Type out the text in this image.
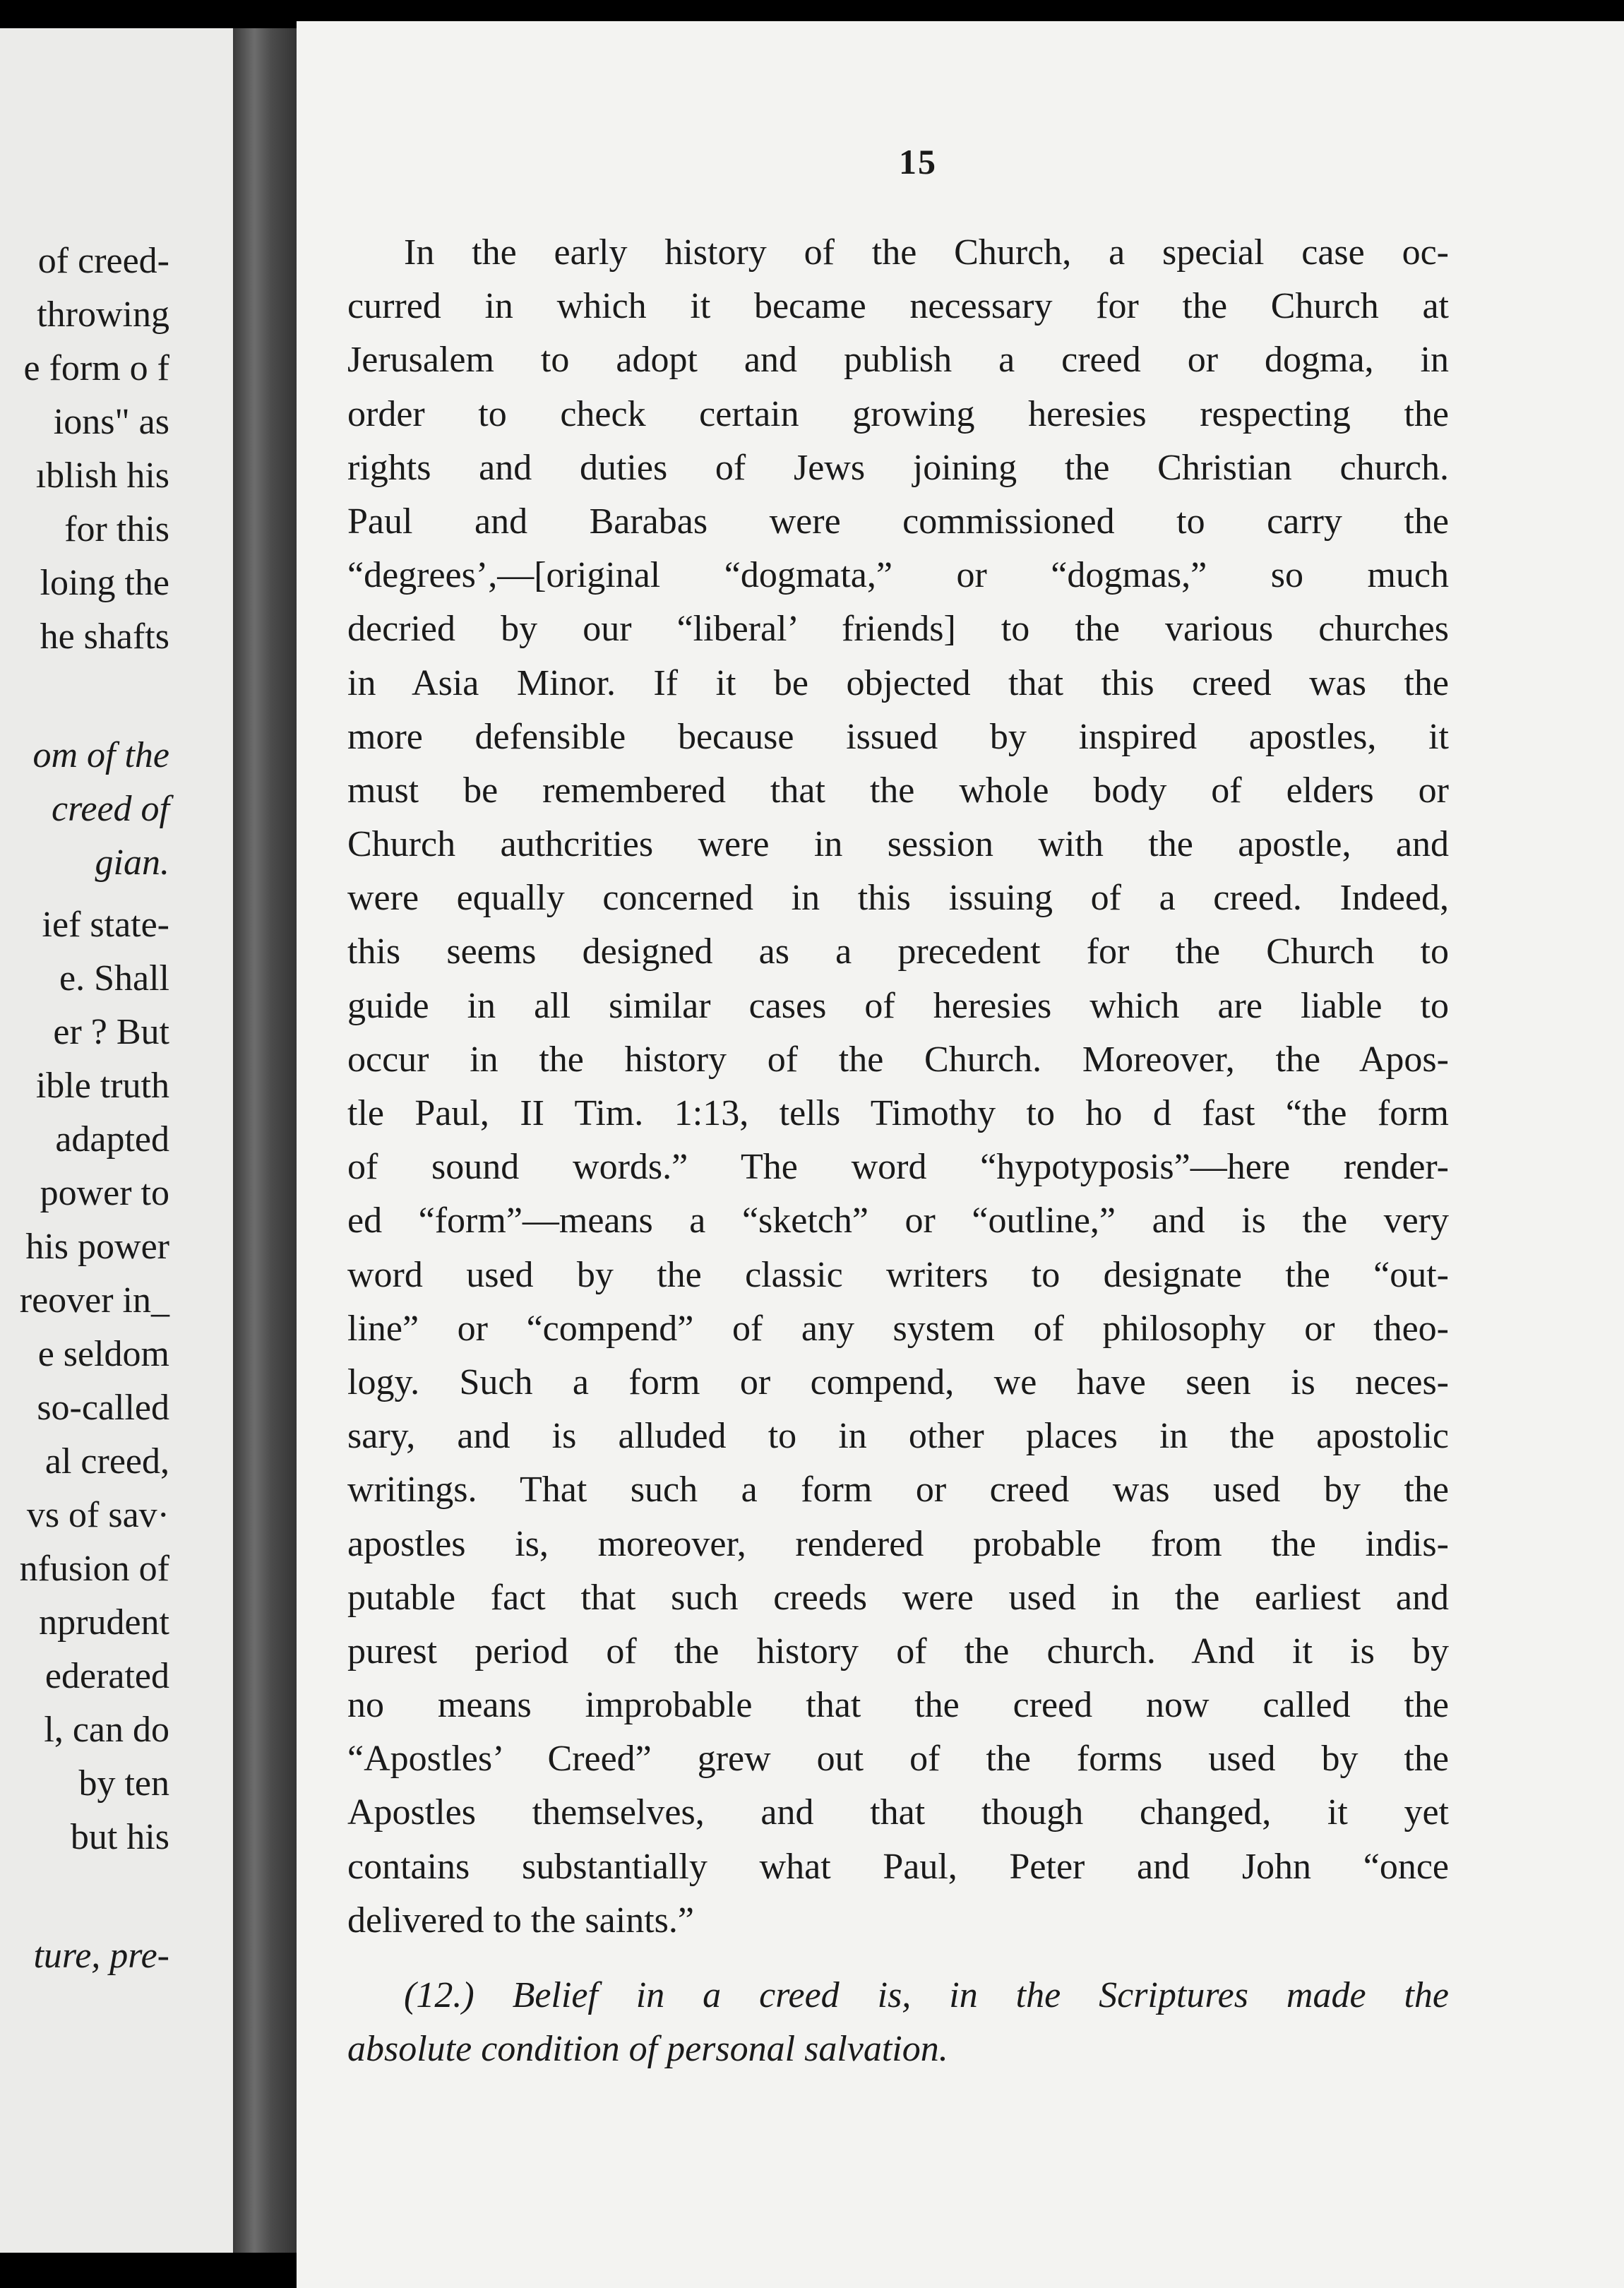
of creed-
throwing
e form o f
ions" as
ıblish his
for this
loing the
he shafts
om of the
creed of
gian.
ief state-
e. Shall
er ? But
ible truth
adapted
power to
his power
reover in_
e seldom
so-called
al creed,
vs of sav·
nfusion of
nprudent
ederated
l, can do
by ten
but his
ture, pre-
15
In the early history of the Church, a special case oc-
curred in which it became necessary for the Church at
Jerusalem to adopt and publish a creed or dogma, in
order to check certain growing heresies respecting the
rights and duties of Jews joining the Christian church.
Paul and Barabas were commissioned to carry the
“degrees’,—[original “dogmata,” or “dogmas,” so much
decried by our “liberal’ friends] to the various churches
in Asia Minor. If it be objected that this creed was the
more defensible because issued by inspired apostles, it
must be remembered that the whole body of elders or
Church authcrities were in session with the apostle, and
were equally concerned in this issuing of a creed. Indeed,
this seems designed as a precedent for the Church to
guide in all similar cases of heresies which are liable to
occur in the history of the Church. Moreover, the Apos-
tle Paul, II Tim. 1:13, tells Timothy to ho d fast “the form
of sound words.” The word “hypotyposis”—here render-
ed “form”—means a “sketch” or “outline,” and is the very
word used by the classic writers to designate the “out-
line” or “compend” of any system of philosophy or theo-
logy. Such a form or compend, we have seen is neces-
sary, and is alluded to in other places in the apostolic
writings. That such a form or creed was used by the
apostles is, moreover, rendered probable from the indis-
putable fact that such creeds were used in the earliest and
purest period of the history of the church. And it is by
no means improbable that the creed now called the
“Apostles’ Creed” grew out of the forms used by the
Apostles themselves, and that though changed, it yet
contains substantially what Paul, Peter and John “once
delivered to the saints.”
(12.) Belief in a creed is, in the Scriptures made the
absolute condition of personal salvation.
